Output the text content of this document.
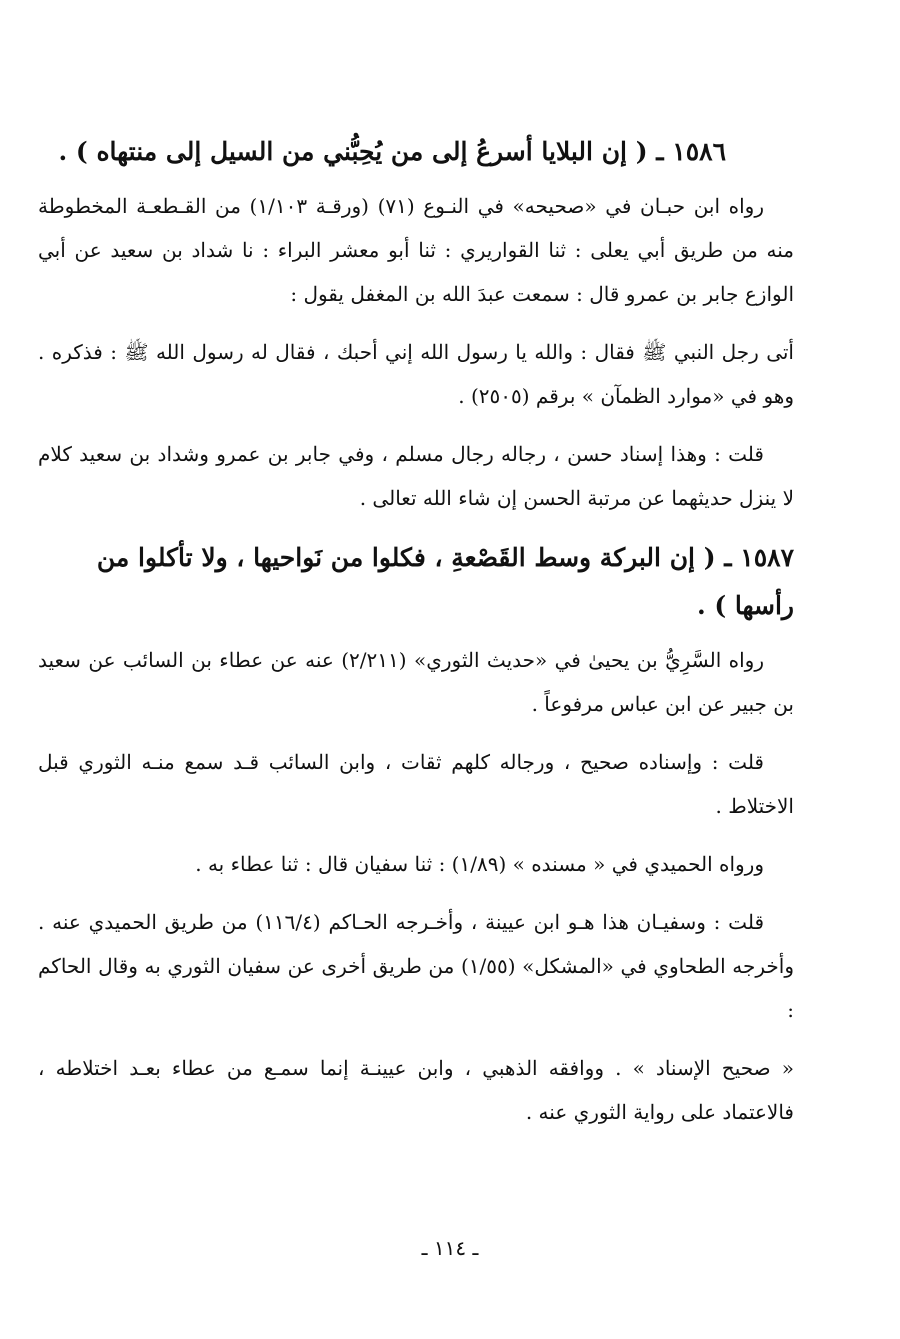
١٥٨٦ ـ ( إن البلايا أسرعُ إلى من يُحِبُّني من السيل إلى منتهاه ) .

رواه ابن حبـان في «صحيحه» في النـوع (٧١) (ورقـة ١/١٠٣) من القـطعـة المخطوطة منه من طريق أبي يعلى : ثنا القواريري : ثنا أبو معشر البراء : نا شداد بن سعيد عن أبي الوازع جابر بن عمرو قال : سمعت عبدَ الله بن المغفل يقول :

أتى رجل النبي ﷺ فقال : والله يا رسول الله إني أحبك ، فقال له رسول الله ﷺ : فذكره . وهو في «موارد الظمآن » برقم (٢٥٠٥) .

قلت : وهذا إسناد حسن ، رجاله رجال مسلم ، وفي جابر بن عمرو وشداد بن سعيد كلام لا ينزل حديثهما عن مرتبة الحسن إن شاء الله تعالى .

١٥٨٧ ـ ( إن البركة وسط القَصْعةِ ، فكلوا من نَواحيها ، ولا تأكلوا من رأسها ) .

رواه السَّرِيُّ بن يحيىٰ في «حديث الثوري» (٢/٢١١) عنه عن عطاء بن السائب عن سعيد بن جبير عن ابن عباس مرفوعاً .

قلت : وإسناده صحيح ، ورجاله كلهم ثقات ، وابن السائب قـد سمع منـه الثوري قبل الاختلاط .

ورواه الحميدي في « مسنده » (١/٨٩) : ثنا سفيان قال : ثنا عطاء به .

قلت : وسفيـان هذا هـو ابن عيينة ، وأخـرجه الحـاكم (١١٦/٤) من طريق الحميدي عنه . وأخرجه الطحاوي في «المشكل» (١/٥٥) من طريق أخرى عن سفيان الثوري به وقال الحاكم :

« صحيح الإسناد » . ووافقه الذهبي ، وابن عيينـة إنما سمـع من عطاء بعـد اختلاطه ، فالاعتماد على رواية الثوري عنه .

ـ ١١٤ ـ
